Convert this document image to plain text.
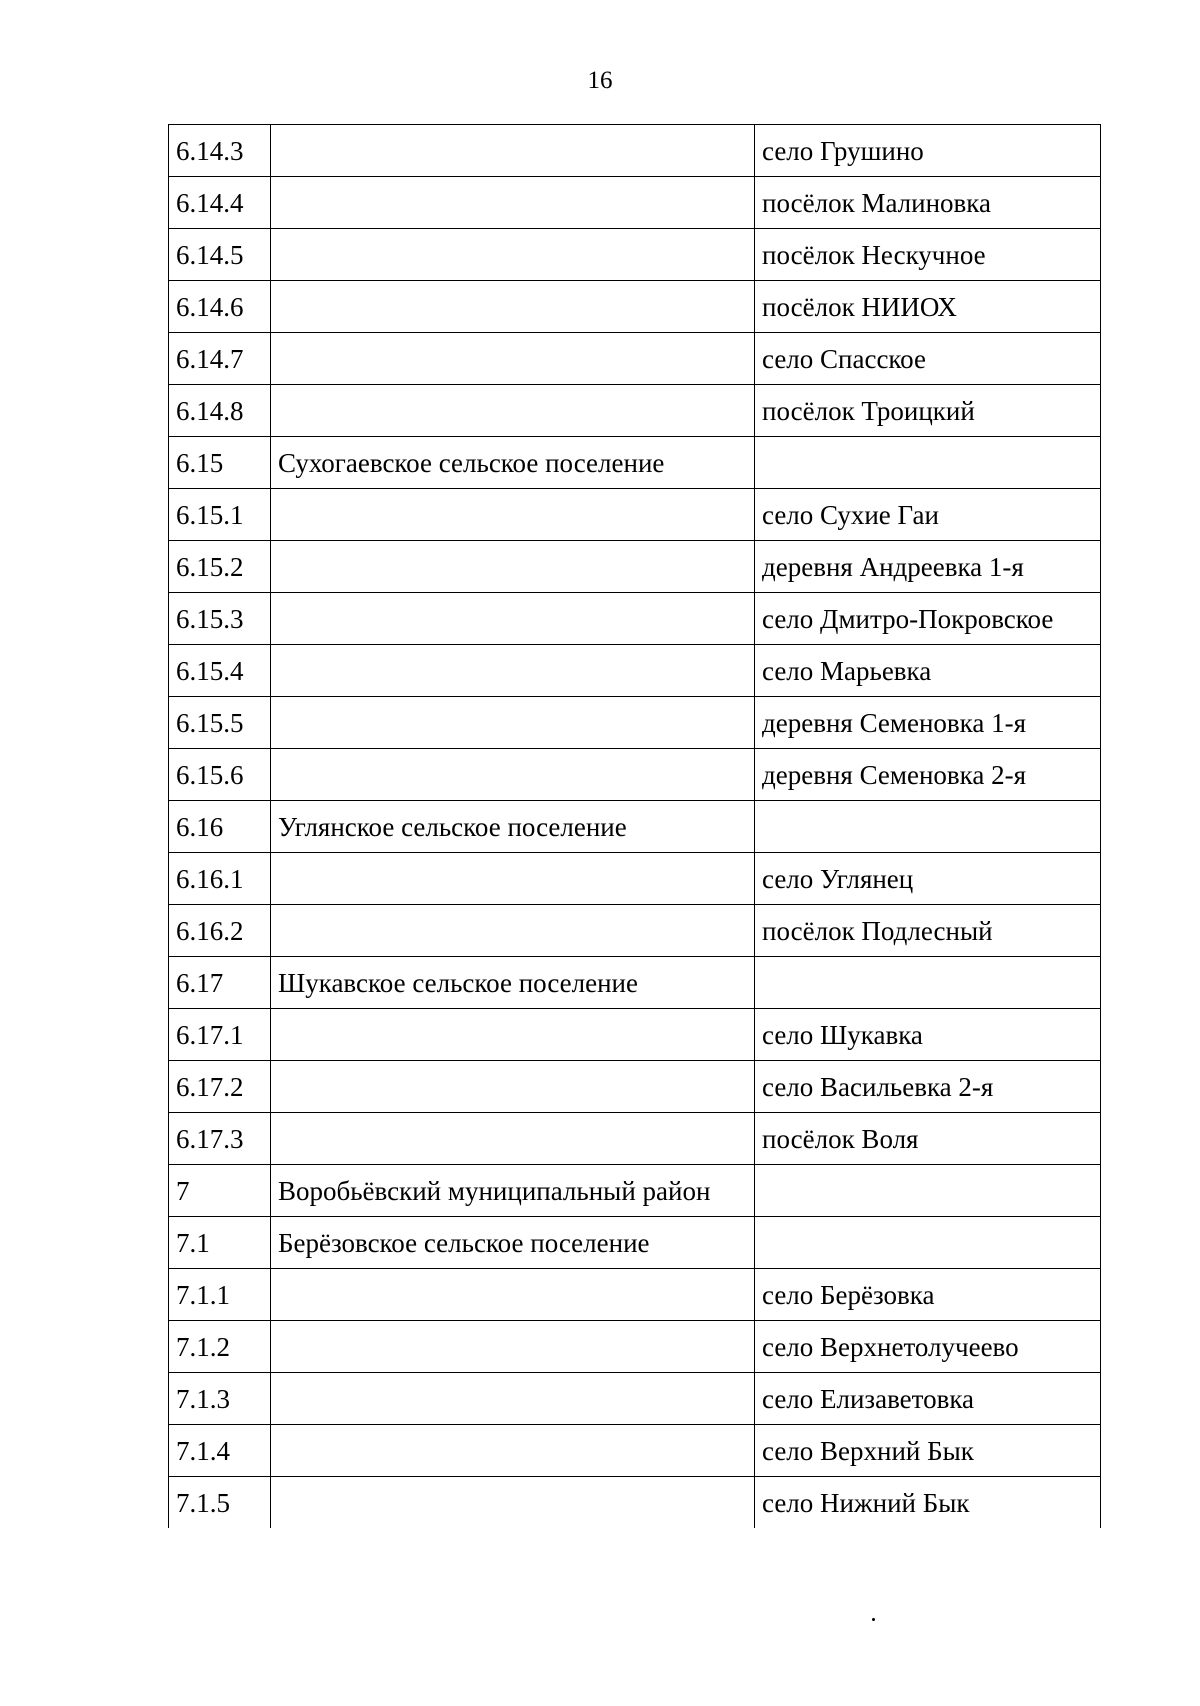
16
6.14.3		село Грушино
6.14.4		посёлок Малиновка
6.14.5		посёлок Нескучное
6.14.6		посёлок НИИОХ
6.14.7		село Спасское
6.14.8		посёлок Троицкий
6.15	Сухогаевское сельское поселение	
6.15.1		село Сухие Гаи
6.15.2		деревня Андреевка 1-я
6.15.3		село Дмитро-Покровское
6.15.4		село Марьевка
6.15.5		деревня Семеновка 1-я
6.15.6		деревня Семеновка 2-я
6.16	Углянское сельское поселение	
6.16.1		село Углянец
6.16.2		посёлок Подлесный
6.17	Шукавское сельское поселение	
6.17.1		село Шукавка
6.17.2		село Васильевка 2-я
6.17.3		посёлок Воля
7	Воробьёвский муниципальный район	
7.1	Берёзовское сельское поселение	
7.1.1		село Берёзовка
7.1.2		село Верхнетолучеево
7.1.3		село Елизаветовка
7.1.4		село Верхний Бык
7.1.5		село Нижний Бык
